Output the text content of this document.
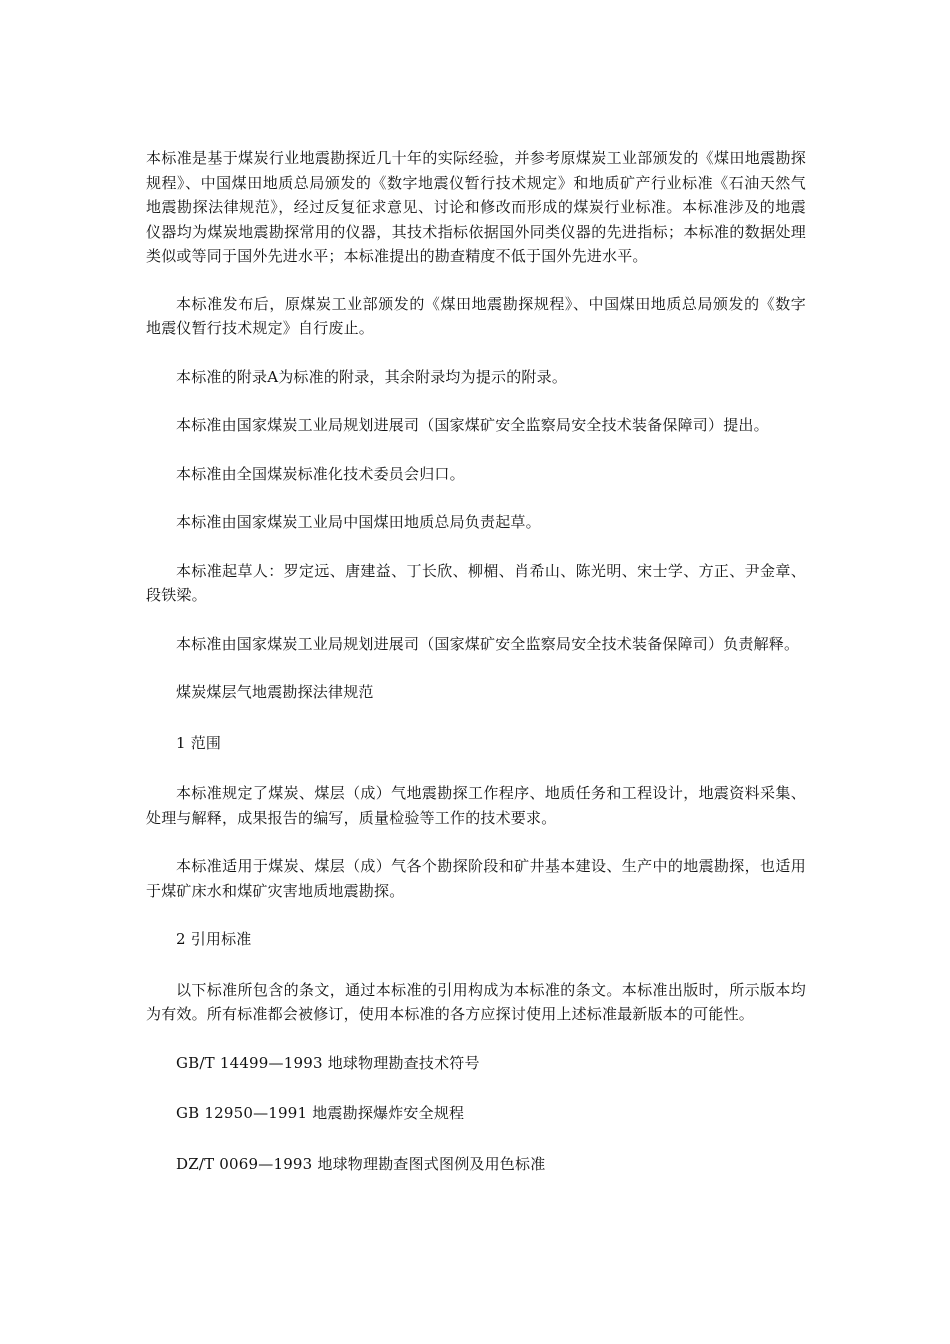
本标准是基于煤炭行业地震勘探近几十年的实际经验，并参考原煤炭工业部颁发的《煤田地震勘探规程》、中国煤田地质总局颁发的《数字地震仪暂行技术规定》和地质矿产行业标准《石油天然气地震勘探法律规范》，经过反复征求意见、讨论和修改而形成的煤炭行业标准。本标准涉及的地震仪器均为煤炭地震勘探常用的仪器，其技术指标依据国外同类仪器的先进指标；本标准的数据处理类似或等同于国外先进水平；本标准提出的勘查精度不低于国外先进水平。

本标准发布后，原煤炭工业部颁发的《煤田地震勘探规程》、中国煤田地质总局颁发的《数字地震仪暂行技术规定》自行废止。

本标准的附录A为标准的附录，其余附录均为提示的附录。

本标准由国家煤炭工业局规划进展司（国家煤矿安全监察局安全技术装备保障司）提出。

本标准由全国煤炭标准化技术委员会归口。

本标准由国家煤炭工业局中国煤田地质总局负责起草。

本标准起草人：罗定远、唐建益、丁长欣、柳楣、肖希山、陈光明、宋士学、方正、尹金章、段铁梁。

本标准由国家煤炭工业局规划进展司（国家煤矿安全监察局安全技术装备保障司）负责解释。

煤炭煤层气地震勘探法律规范

1 范围

本标准规定了煤炭、煤层（成）气地震勘探工作程序、地质任务和工程设计，地震资料采集、处理与解释，成果报告的编写，质量检验等工作的技术要求。

本标准适用于煤炭、煤层（成）气各个勘探阶段和矿井基本建设、生产中的地震勘探，也适用于煤矿床水和煤矿灾害地质地震勘探。

2 引用标准

以下标准所包含的条文，通过本标准的引用构成为本标准的条文。本标准出版时，所示版本均为有效。所有标准都会被修订，使用本标准的各方应探讨使用上述标准最新版本的可能性。

GB/T 14499—1993 地球物理勘查技术符号

GB 12950—1991 地震勘探爆炸安全规程

DZ/T 0069—1993 地球物理勘查图式图例及用色标准
